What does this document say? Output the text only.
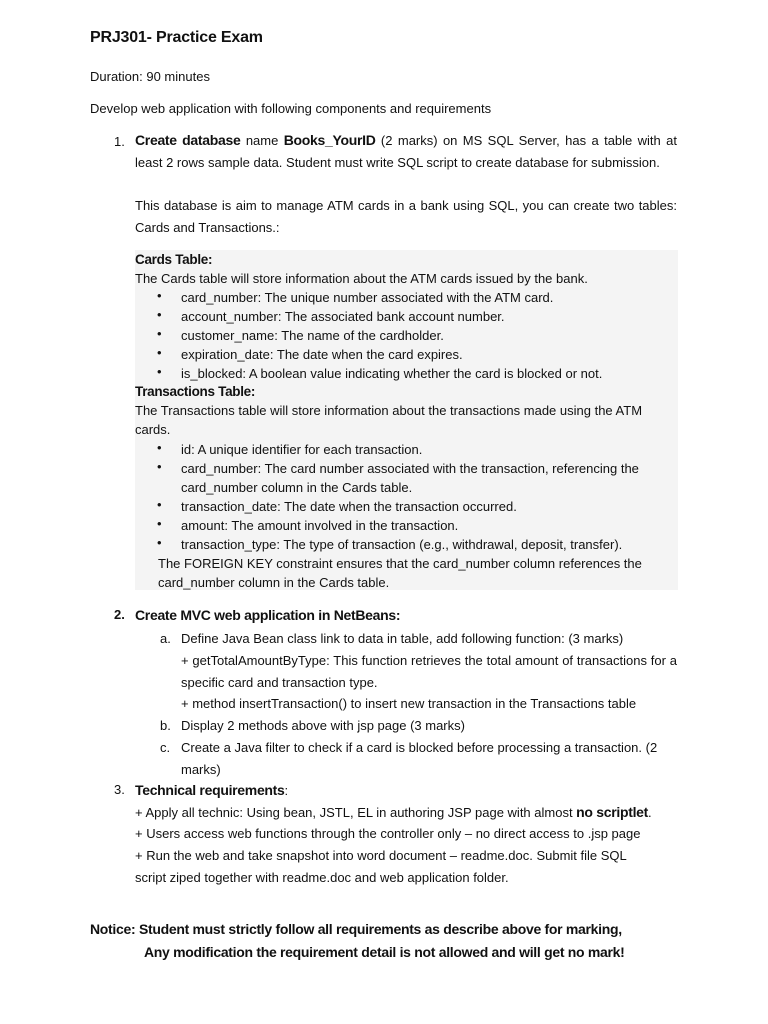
PRJ301- Practice Exam
Duration: 90 minutes
Develop web application with following components and requirements
1. Create database name Books_YourID (2 marks) on MS SQL Server, has a table with at least 2 rows sample data. Student must write SQL script to create database for submission.
This database is aim to manage ATM cards in a bank using SQL, you can create two tables: Cards and Transactions.:
Cards Table:
The Cards table will store information about the ATM cards issued by the bank.
• card_number: The unique number associated with the ATM card.
• account_number: The associated bank account number.
• customer_name: The name of the cardholder.
• expiration_date: The date when the card expires.
• is_blocked: A boolean value indicating whether the card is blocked or not.
Transactions Table:
The Transactions table will store information about the transactions made using the ATM cards.
• id: A unique identifier for each transaction.
• card_number: The card number associated with the transaction, referencing the card_number column in the Cards table.
• transaction_date: The date when the transaction occurred.
• amount: The amount involved in the transaction.
• transaction_type: The type of transaction (e.g., withdrawal, deposit, transfer).
The FOREIGN KEY constraint ensures that the card_number column references the card_number column in the Cards table.
2. Create MVC web application in NetBeans:
a. Define Java Bean class link to data in table, add following function: (3 marks)
+ getTotalAmountByType: This function retrieves the total amount of transactions for a specific card and transaction type.
+ method insertTransaction() to insert new transaction in the Transactions table
b. Display 2 methods above with jsp page (3 marks)
c. Create a Java filter to check if a card is blocked before processing a transaction. (2 marks)
3. Technical requirements:
+ Apply all technic: Using bean, JSTL, EL in authoring JSP page with almost no scriptlet.
+ Users access web functions through the controller only – no direct access to .jsp page
+ Run the web and take snapshot into word document – readme.doc. Submit file SQL script ziped together with readme.doc and web application folder.
Notice: Student must strictly follow all requirements as describe above for marking,
Any modification the requirement detail is not allowed and will get no mark!
